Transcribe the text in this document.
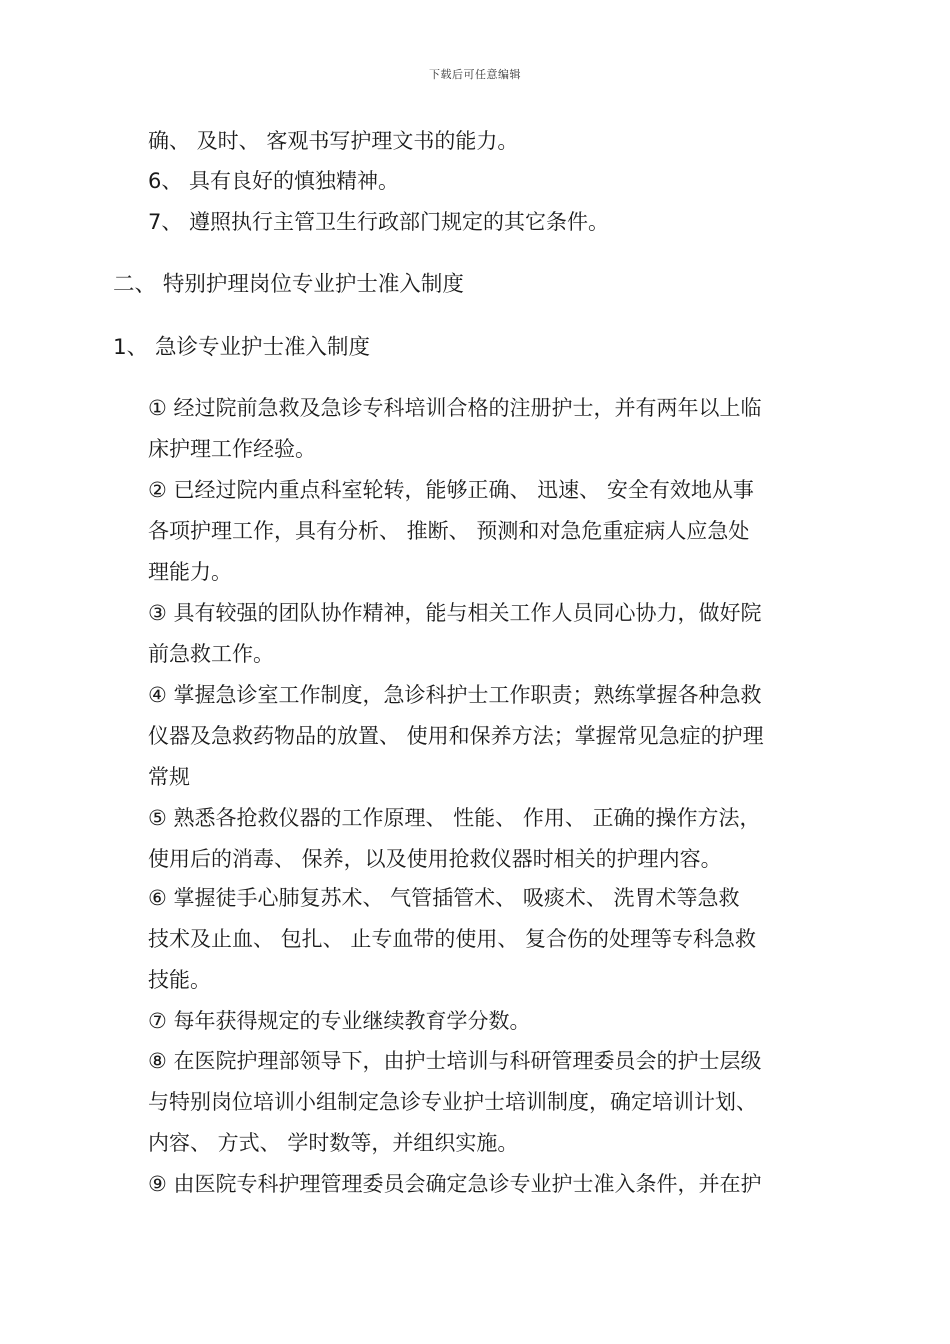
下载后可任意编辑
确、 及时、 客观书写护理文书的能力。
6、 具有良好的慎独精神。
7、 遵照执行主管卫生行政部门规定的其它条件。
二、 特别护理岗位专业护士准入制度
1、 急诊专业护士准入制度
① 经过院前急救及急诊专科培训合格的注册护士，并有两年以上临
床护理工作经验。
② 已经过院内重点科室轮转，能够正确、 迅速、 安全有效地从事
各项护理工作，具有分析、 推断、 预测和对急危重症病人应急处
理能力。
③ 具有较强的团队协作精神，能与相关工作人员同心协力，做好院
前急救工作。
④ 掌握急诊室工作制度，急诊科护士工作职责；熟练掌握各种急救
仪器及急救药物品的放置、 使用和保养方法；掌握常见急症的护理
常规
⑤ 熟悉各抢救仪器的工作原理、 性能、 作用、 正确的操作方法，
使用后的消毒、 保养，以及使用抢救仪器时相关的护理内容。
⑥ 掌握徒手心肺复苏术、 气管插管术、 吸痰术、 洗胃术等急救
技术及止血、 包扎、 止专血带的使用、 复合伤的处理等专科急救
技能。
⑦ 每年获得规定的专业继续教育学分数。
⑧ 在医院护理部领导下，由护士培训与科研管理委员会的护士层级
与特别岗位培训小组制定急诊专业护士培训制度，确定培训计划、
内容、 方式、 学时数等，并组织实施。
⑨ 由医院专科护理管理委员会确定急诊专业护士准入条件，并在护
